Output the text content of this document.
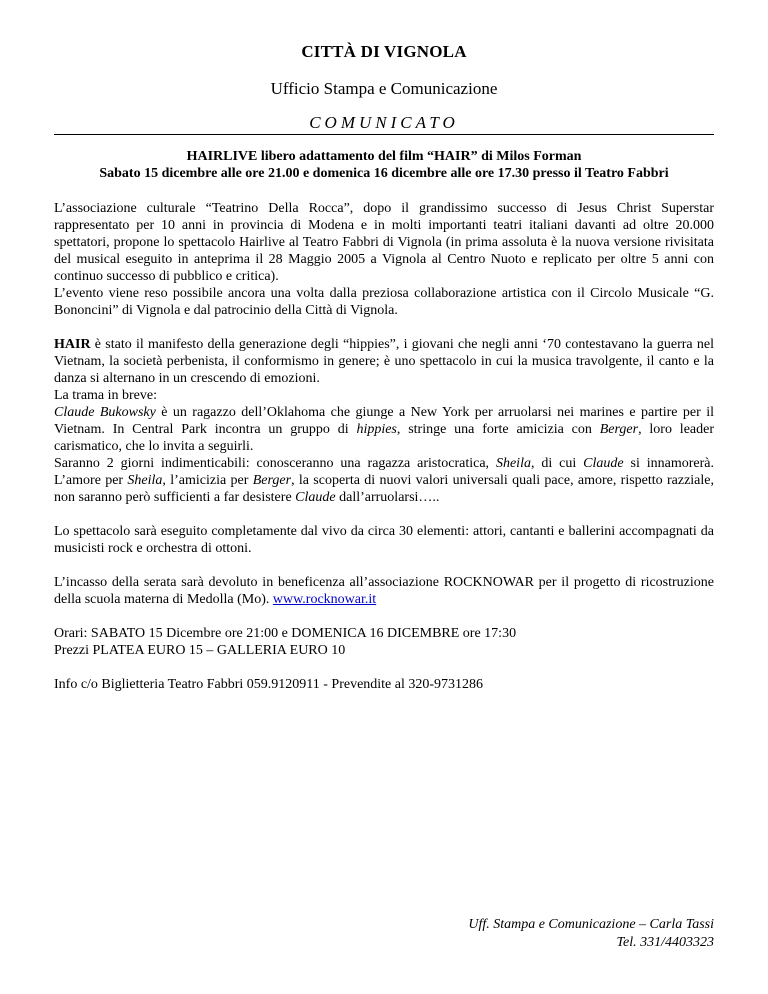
CITTÀ DI VIGNOLA
Ufficio Stampa e Comunicazione
COMUNICATO
HAIRLIVE libero adattamento del film “HAIR” di Milos Forman
Sabato 15 dicembre alle ore 21.00 e domenica 16 dicembre alle ore 17.30 presso il Teatro Fabbri

L’associazione culturale “Teatrino Della Rocca”, dopo il grandissimo successo di Jesus Christ Superstar rappresentato per 10 anni in provincia di Modena e in molti importanti teatri italiani davanti ad oltre 20.000 spettatori, propone lo spettacolo Hairlive al Teatro Fabbri di Vignola (in prima assoluta è la nuova versione rivisitata del musical eseguito in anteprima il 28 Maggio 2005 a Vignola al Centro Nuoto e replicato per oltre 5 anni con continuo successo di pubblico e critica).

L’evento viene reso possibile ancora una volta dalla preziosa collaborazione artistica con il Circolo Musicale “G. Bononcini” di Vignola e dal patrocinio della Città di Vignola.

HAIR è stato il manifesto della generazione degli “hippies”, i giovani che negli anni ‘70 contestavano la guerra nel Vietnam, la società perbenista, il conformismo in genere; è uno spettacolo in cui la musica travolgente, il canto e la danza si alternano in un crescendo di emozioni.

La trama in breve:

Claude Bukowsky è un ragazzo dell’Oklahoma che giunge a New York per arruolarsi nei marines e partire per il Vietnam. In Central Park incontra un gruppo di hippies, stringe una forte amicizia con Berger, loro leader carismatico, che lo invita a seguirli.

Saranno 2 giorni indimenticabili: conosceranno una ragazza aristocratica, Sheila, di cui Claude si innamorerà. L’amore per Sheila, l’amicizia per Berger, la scoperta di nuovi valori universali quali pace, amore, rispetto razziale, non saranno però sufficienti a far desistere Claude dall’arruolarsi…..

Lo spettacolo sarà eseguito completamente dal vivo da circa 30 elementi: attori, cantanti e ballerini accompagnati da musicisti rock e orchestra di ottoni.

L’incasso della serata sarà devoluto in beneficenza all’associazione ROCKNOWAR per il progetto di ricostruzione della scuola materna di Medolla (Mo). www.rocknowar.it

Orari: SABATO 15 Dicembre ore 21:00 e DOMENICA 16 DICEMBRE ore 17:30

Prezzi PLATEA EURO 15 – GALLERIA EURO 10

Info c/o Biglietteria Teatro Fabbri 059.9120911 - Prevendite al 320-9731286

Uff. Stampa e Comunicazione – Carla Tassi
Tel. 331/4403323
